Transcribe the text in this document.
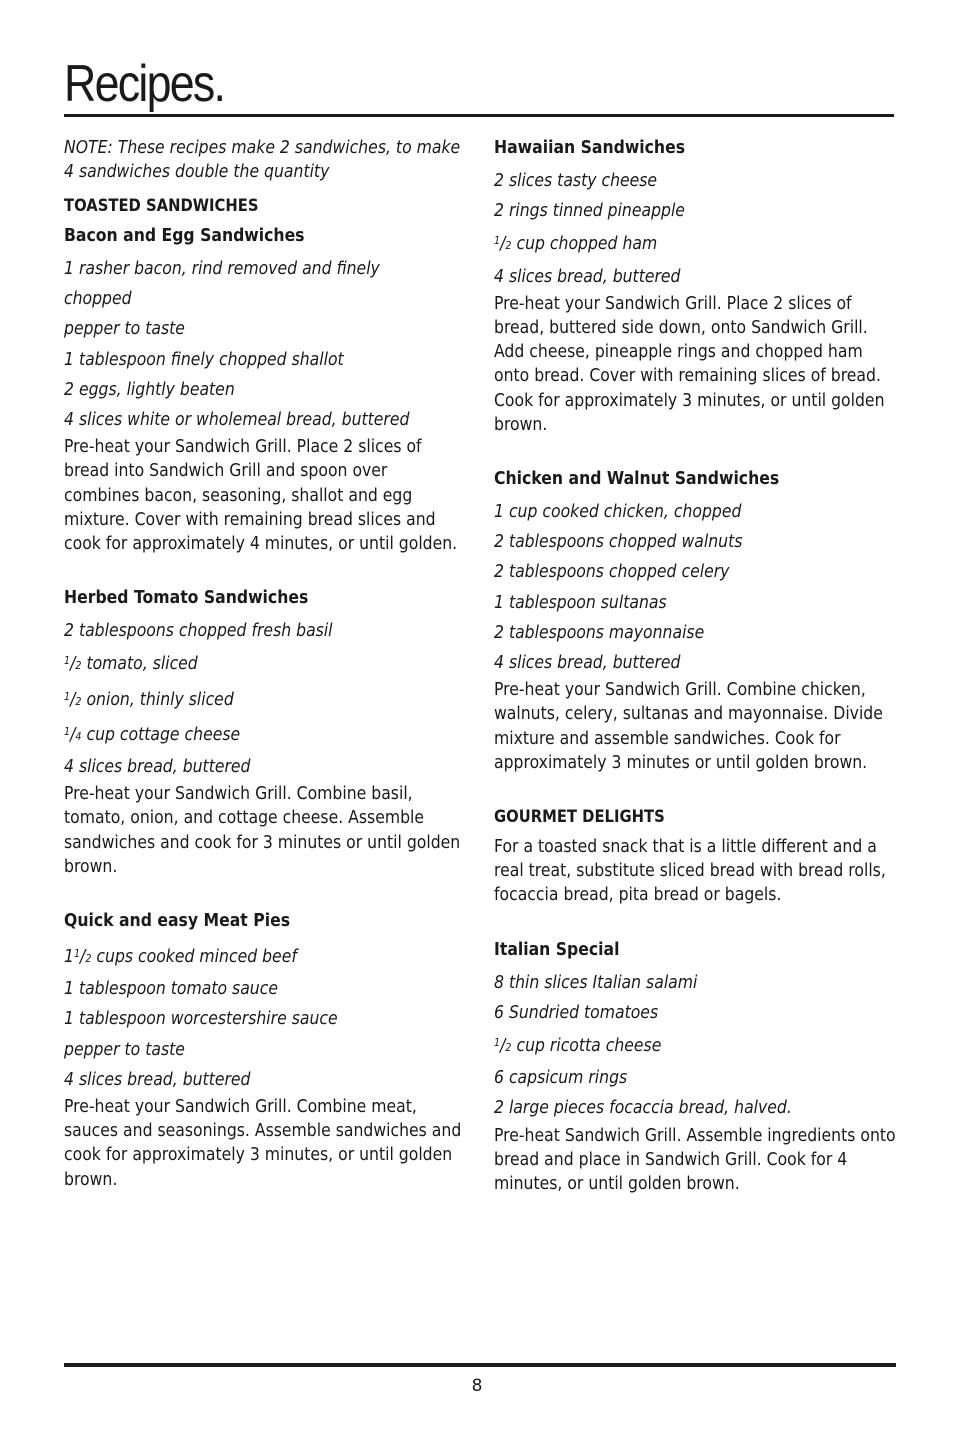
Recipes.

NOTE: These recipes make 2 sandwiches, to make 4 sandwiches double the quantity

TOASTED SANDWICHES

Bacon and Egg Sandwiches

1 rasher bacon, rind removed and finely

chopped

pepper to taste

1 tablespoon finely chopped shallot

2 eggs, lightly beaten

4 slices white or wholemeal bread, buttered

Pre-heat your Sandwich Grill. Place 2 slices of bread into Sandwich Grill and spoon over combines bacon, seasoning, shallot and egg mixture. Cover with remaining bread slices and cook for approximately 4 minutes, or until golden.

Herbed Tomato Sandwiches

2 tablespoons chopped fresh basil

$^1$/2 tomato, sliced

$^1$/2 onion, thinly sliced

$^1$/4 cup cottage cheese

4 slices bread, buttered

Pre-heat your Sandwich Grill. Combine basil, tomato, onion, and cottage cheese. Assemble sandwiches and cook for 3 minutes or until golden brown.

Quick and easy Meat Pies

$1^1/2$ cups cooked minced beef

1 tablespoon tomato sauce

1 tablespoon worcestershire sauce

pepper to taste

4 slices bread, buttered

Pre-heat your Sandwich Grill. Combine meat, sauces and seasonings. Assemble sandwiches and cook for approximately 3 minutes, or until golden brown.

Hawaiian Sandwiches

2 slices tasty cheese

2 rings tinned pineapple

$^1$/2 cup chopped ham

4 slices bread, buttered

Pre-heat your Sandwich Grill. Place 2 slices of bread, buttered side down, onto Sandwich Grill. Add cheese, pineapple rings and chopped ham onto bread. Cover with remaining slices of bread. Cook for approximately 3 minutes, or until golden brown.

Chicken and Walnut Sandwiches

1 cup cooked chicken, chopped

2 tablespoons chopped walnuts

2 tablespoons chopped celery

1 tablespoon sultanas

2 tablespoons mayonnaise

4 slices bread, buttered

Pre-heat your Sandwich Grill. Combine chicken, walnuts, celery, sultanas and mayonnaise. Divide mixture and assemble sandwiches. Cook for approximately 3 minutes or until golden brown.

GOURMET DELIGHTS

For a toasted snack that is a little different and a real treat, substitute sliced bread with bread rolls, focaccia bread, pita bread or bagels.

Italian Special

8 thin slices Italian salami

6 Sundried tomatoes

$^1$/2 cup ricotta cheese

6 capsicum rings

2 large pieces focaccia bread, halved.

Pre-heat Sandwich Grill. Assemble ingredients onto bread and place in Sandwich Grill. Cook for 4 minutes, or until golden brown.

8
